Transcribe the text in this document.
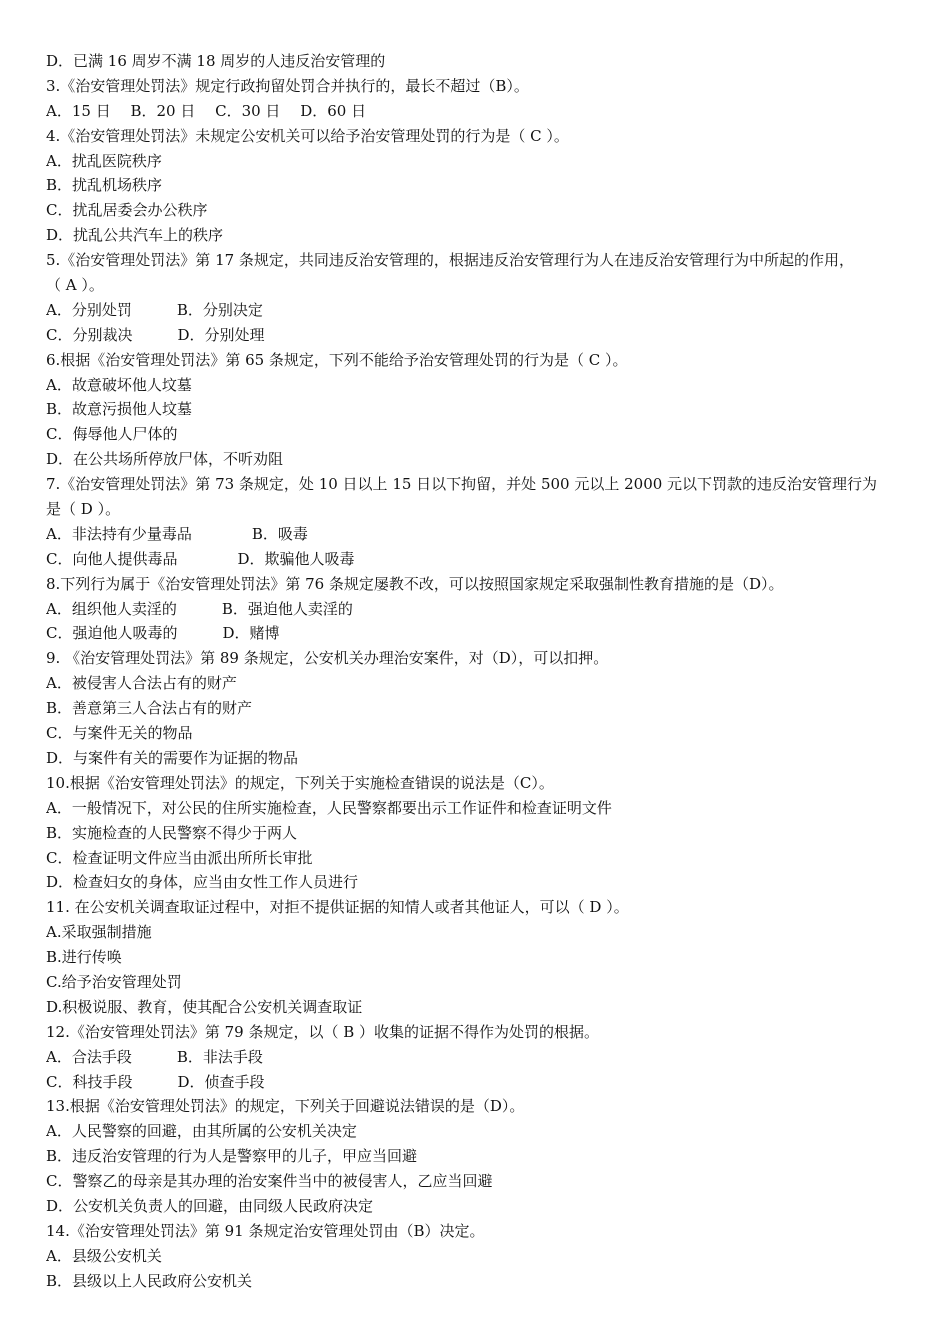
D．已满 16 周岁不满 18 周岁的人违反治安管理的
3.《治安管理处罚法》规定行政拘留处罚合并执行的，最长不超过（B）。
A．15 日　 B．20 日　 C．30 日　 D．60 日
4.《治安管理处罚法》未规定公安机关可以给予治安管理处罚的行为是（ C ）。
A．扰乱医院秩序
B．扰乱机场秩序
C．扰乱居委会办公秩序
D．扰乱公共汽车上的秩序
5.《治安管理处罚法》第 17 条规定，共同违反治安管理的，根据违反治安管理行为人在违反治安管理行为中所起的作用，
（ A ）。
A．分别处罚　　　B．分别决定
C．分别裁决　　　D．分别处理
6.根据《治安管理处罚法》第 65 条规定，下列不能给予治安管理处罚的行为是（ C ）。
A．故意破坏他人坟墓
B．故意污损他人坟墓
C．侮辱他人尸体的
D．在公共场所停放尸体，不听劝阻
7.《治安管理处罚法》第 73 条规定，处 10 日以上 15 日以下拘留，并处 500 元以上 2000 元以下罚款的违反治安管理行为
是（ D ）。
A．非法持有少量毒品　　　　B．吸毒
C．向他人提供毒品　　　　D．欺骗他人吸毒
8.下列行为属于《治安管理处罚法》第 76 条规定屡教不改，可以按照国家规定采取强制性教育措施的是（D）。
A．组织他人卖淫的　　　B．强迫他人卖淫的
C．强迫他人吸毒的　　　D．赌博
9. 《治安管理处罚法》第 89 条规定，公安机关办理治安案件，对（D），可以扣押。
A．被侵害人合法占有的财产
B．善意第三人合法占有的财产
C．与案件无关的物品
D．与案件有关的需要作为证据的物品
10.根据《治安管理处罚法》的规定，下列关于实施检查错误的说法是（C）。
A．一般情况下，对公民的住所实施检查，人民警察都要出示工作证件和检查证明文件
B．实施检查的人民警察不得少于两人
C．检查证明文件应当由派出所所长审批
D．检查妇女的身体，应当由女性工作人员进行
11. 在公安机关调查取证过程中，对拒不提供证据的知情人或者其他证人，可以（ D ）。
A.采取强制措施
B.进行传唤
C.给予治安管理处罚
D.积极说服、教育，使其配合公安机关调查取证
12.《治安管理处罚法》第 79 条规定，以（ B ）收集的证据不得作为处罚的根据。
A．合法手段　　　B．非法手段
C．科技手段　　　D．侦查手段
13.根据《治安管理处罚法》的规定，下列关于回避说法错误的是（D）。
A．人民警察的回避，由其所属的公安机关决定
B．违反治安管理的行为人是警察甲的儿子，甲应当回避
C．警察乙的母亲是其办理的治安案件当中的被侵害人，乙应当回避
D．公安机关负责人的回避，由同级人民政府决定
14.《治安管理处罚法》第 91 条规定治安管理处罚由（B）决定。
A．县级公安机关
B．县级以上人民政府公安机关
